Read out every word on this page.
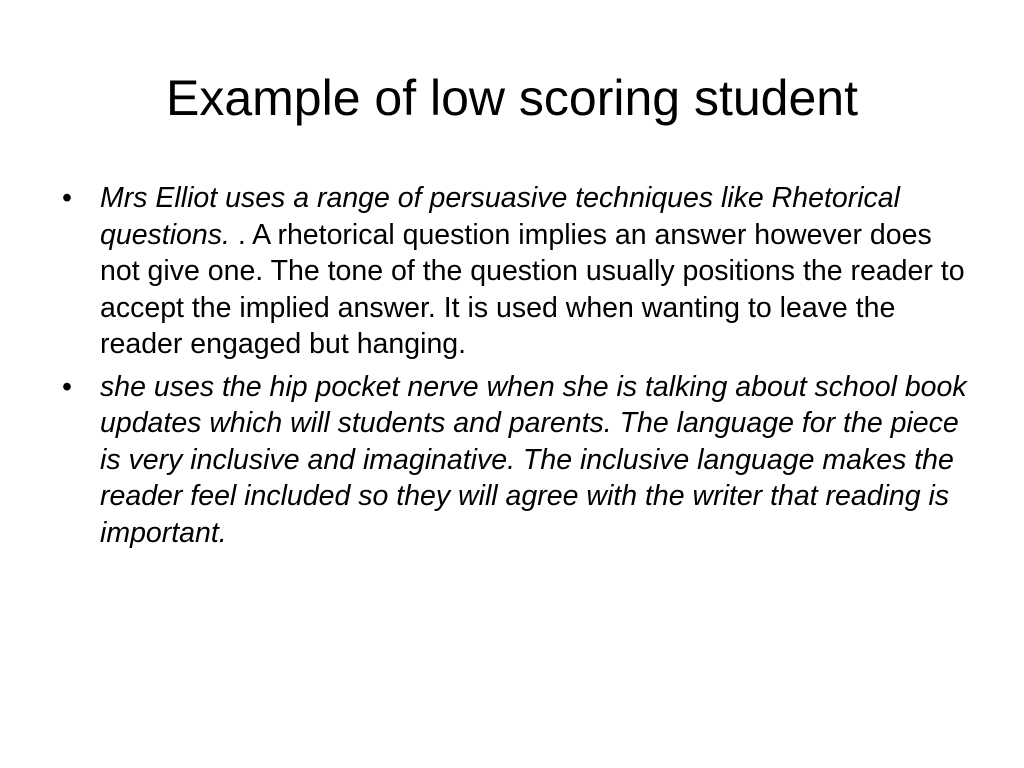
Example of low scoring student
• Mrs Elliot uses a range of persuasive techniques like Rhetorical questions. . A rhetorical question implies an answer however does not give one. The tone of the question usually positions the reader to accept the implied answer. It is used when wanting to leave the reader engaged but hanging.
• she uses the hip pocket nerve when she is talking about school book updates which will students and parents. The language for the piece is very inclusive and imaginative. The inclusive language makes the reader feel included so they will agree with the writer that reading is important.
